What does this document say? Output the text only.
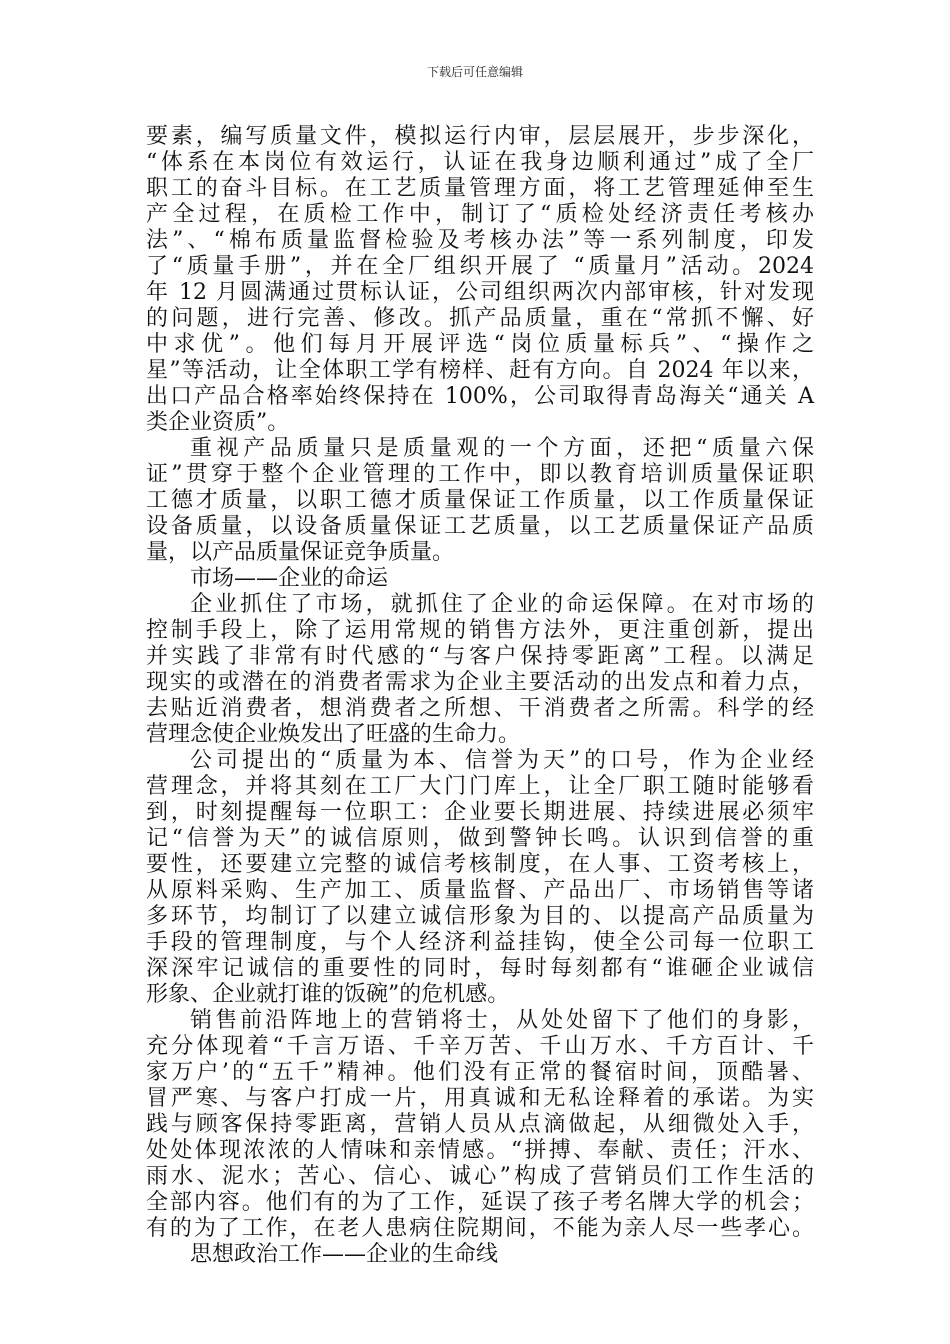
下载后可任意编辑
要素，编写质量文件，模拟运行内审，层层展开，步步深化，
“体系在本岗位有效运行，认证在我身边顺利通过”成了全厂
职工的奋斗目标。在工艺质量管理方面，将工艺管理延伸至生
产全过程，在质检工作中，制订了“质检处经济责任考核办
法”、“棉布质量监督检验及考核办法”等一系列制度，印发
了“质量手册”，并在全厂组织开展了 “质量月”活动。2024
年 12 月圆满通过贯标认证，公司组织两次内部审核，针对发现
的问题，进行完善、修改。抓产品质量，重在“常抓不懈、好
中求优”。他们每月开展评选“岗位质量标兵”、“操作之
星”等活动，让全体职工学有榜样、赶有方向。自 2024 年以来，
出口产品合格率始终保持在 100%，公司取得青岛海关“通关 A
类企业资质”。
重视产品质量只是质量观的一个方面，还把“质量六保
证”贯穿于整个企业管理的工作中，即以教育培训质量保证职
工德才质量，以职工德才质量保证工作质量，以工作质量保证
设备质量，以设备质量保证工艺质量，以工艺质量保证产品质
量，以产品质量保证竞争质量。
市场——企业的命运
企业抓住了市场，就抓住了企业的命运保障。在对市场的
控制手段上，除了运用常规的销售方法外，更注重创新，提出
并实践了非常有时代感的“与客户保持零距离”工程。以满足
现实的或潜在的消费者需求为企业主要活动的出发点和着力点，
去贴近消费者，想消费者之所想、干消费者之所需。科学的经
营理念使企业焕发出了旺盛的生命力。
公司提出的“质量为本、信誉为天”的口号，作为企业经
营理念，并将其刻在工厂大门门库上，让全厂职工随时能够看
到，时刻提醒每一位职工：企业要长期进展、持续进展必须牢
记“信誉为天”的诚信原则，做到警钟长鸣。认识到信誉的重
要性，还要建立完整的诚信考核制度，在人事、工资考核上，
从原料采购、生产加工、质量监督、产品出厂、市场销售等诸
多环节，均制订了以建立诚信形象为目的、以提高产品质量为
手段的管理制度，与个人经济利益挂钩，使全公司每一位职工
深深牢记诚信的重要性的同时，每时每刻都有“谁砸企业诚信
形象、企业就打谁的饭碗”的危机感。
销售前沿阵地上的营销将士，从处处留下了他们的身影，
充分体现着“千言万语、千辛万苦、千山万水、千方百计、千
家万户’的“五千”精神。他们没有正常的餐宿时间，顶酷暑、
冒严寒、与客户打成一片，用真诚和无私诠释着的承诺。为实
践与顾客保持零距离，营销人员从点滴做起，从细微处入手，
处处体现浓浓的人情味和亲情感。“拼搏、奉献、责任；汗水、
雨水、泥水；苦心、信心、诚心”构成了营销员们工作生活的
全部内容。他们有的为了工作，延误了孩子考名牌大学的机会；
有的为了工作，在老人患病住院期间，不能为亲人尽一些孝心。
思想政治工作——企业的生命线
